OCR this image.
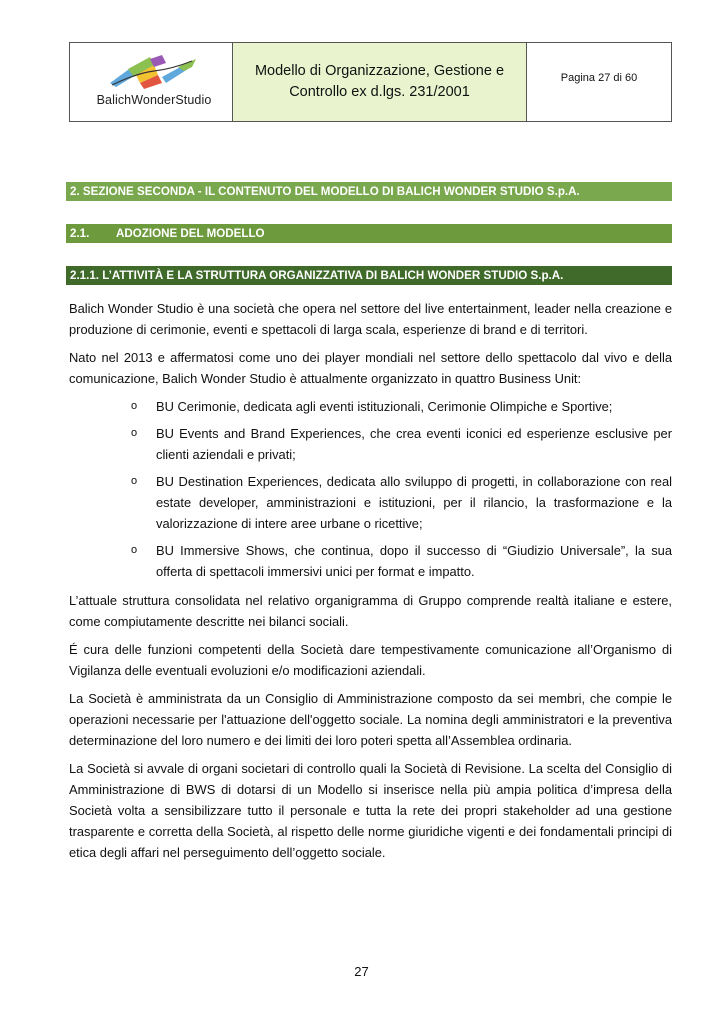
BalichWonderStudio
Modello di Organizzazione, Gestione e
Controllo ex d.lgs. 231/2001
Pagina 27 di 60
2. SEZIONE SECONDA - IL CONTENUTO DEL MODELLO DI BALICH WONDER STUDIO S.p.A.
2.1.	ADOZIONE DEL MODELLO
2.1.1. L’ATTIVITÀ E LA STRUTTURA ORGANIZZATIVA DI BALICH WONDER STUDIO S.p.A.

Balich Wonder Studio è una società che opera nel settore del live entertainment, leader nella creazione e produzione di cerimonie, eventi e spettacoli di larga scala, esperienze di brand e di territori.

Nato nel 2013 e affermatosi come uno dei player mondiali nel settore dello spettacolo dal vivo e della comunicazione, Balich Wonder Studio è attualmente organizzato in quattro Business Unit:

o BU Cerimonie, dedicata agli eventi istituzionali, Cerimonie Olimpiche e Sportive;
o BU Events and Brand Experiences, che crea eventi iconici ed esperienze esclusive per clienti aziendali e privati;
o BU Destination Experiences, dedicata allo sviluppo di progetti, in collaborazione con real estate developer, amministrazioni e istituzioni, per il rilancio, la trasformazione e la valorizzazione di intere aree urbane o ricettive;
o BU Immersive Shows, che continua, dopo il successo di “Giudizio Universale”, la sua offerta di spettacoli immersivi unici per format e impatto.

L’attuale struttura consolidata nel relativo organigramma di Gruppo comprende realtà italiane e estere, come compiutamente descritte nei bilanci sociali.

É cura delle funzioni competenti della Società dare tempestivamente comunicazione all’Organismo di Vigilanza delle eventuali evoluzioni e/o modificazioni aziendali.

La Società è amministrata da un Consiglio di Amministrazione composto da sei membri, che compie le operazioni necessarie per l'attuazione dell'oggetto sociale. La nomina degli amministratori e la preventiva determinazione del loro numero e dei limiti dei loro poteri spetta all’Assemblea ordinaria.

La Società si avvale di organi societari di controllo quali la Società di Revisione. La scelta del Consiglio di Amministrazione di BWS di dotarsi di un Modello si inserisce nella più ampia politica d’impresa della Società volta a sensibilizzare tutto il personale e tutta la rete dei propri stakeholder ad una gestione trasparente e corretta della Società, al rispetto delle norme giuridiche vigenti e dei fondamentali principi di etica degli affari nel perseguimento dell’oggetto sociale.

27
